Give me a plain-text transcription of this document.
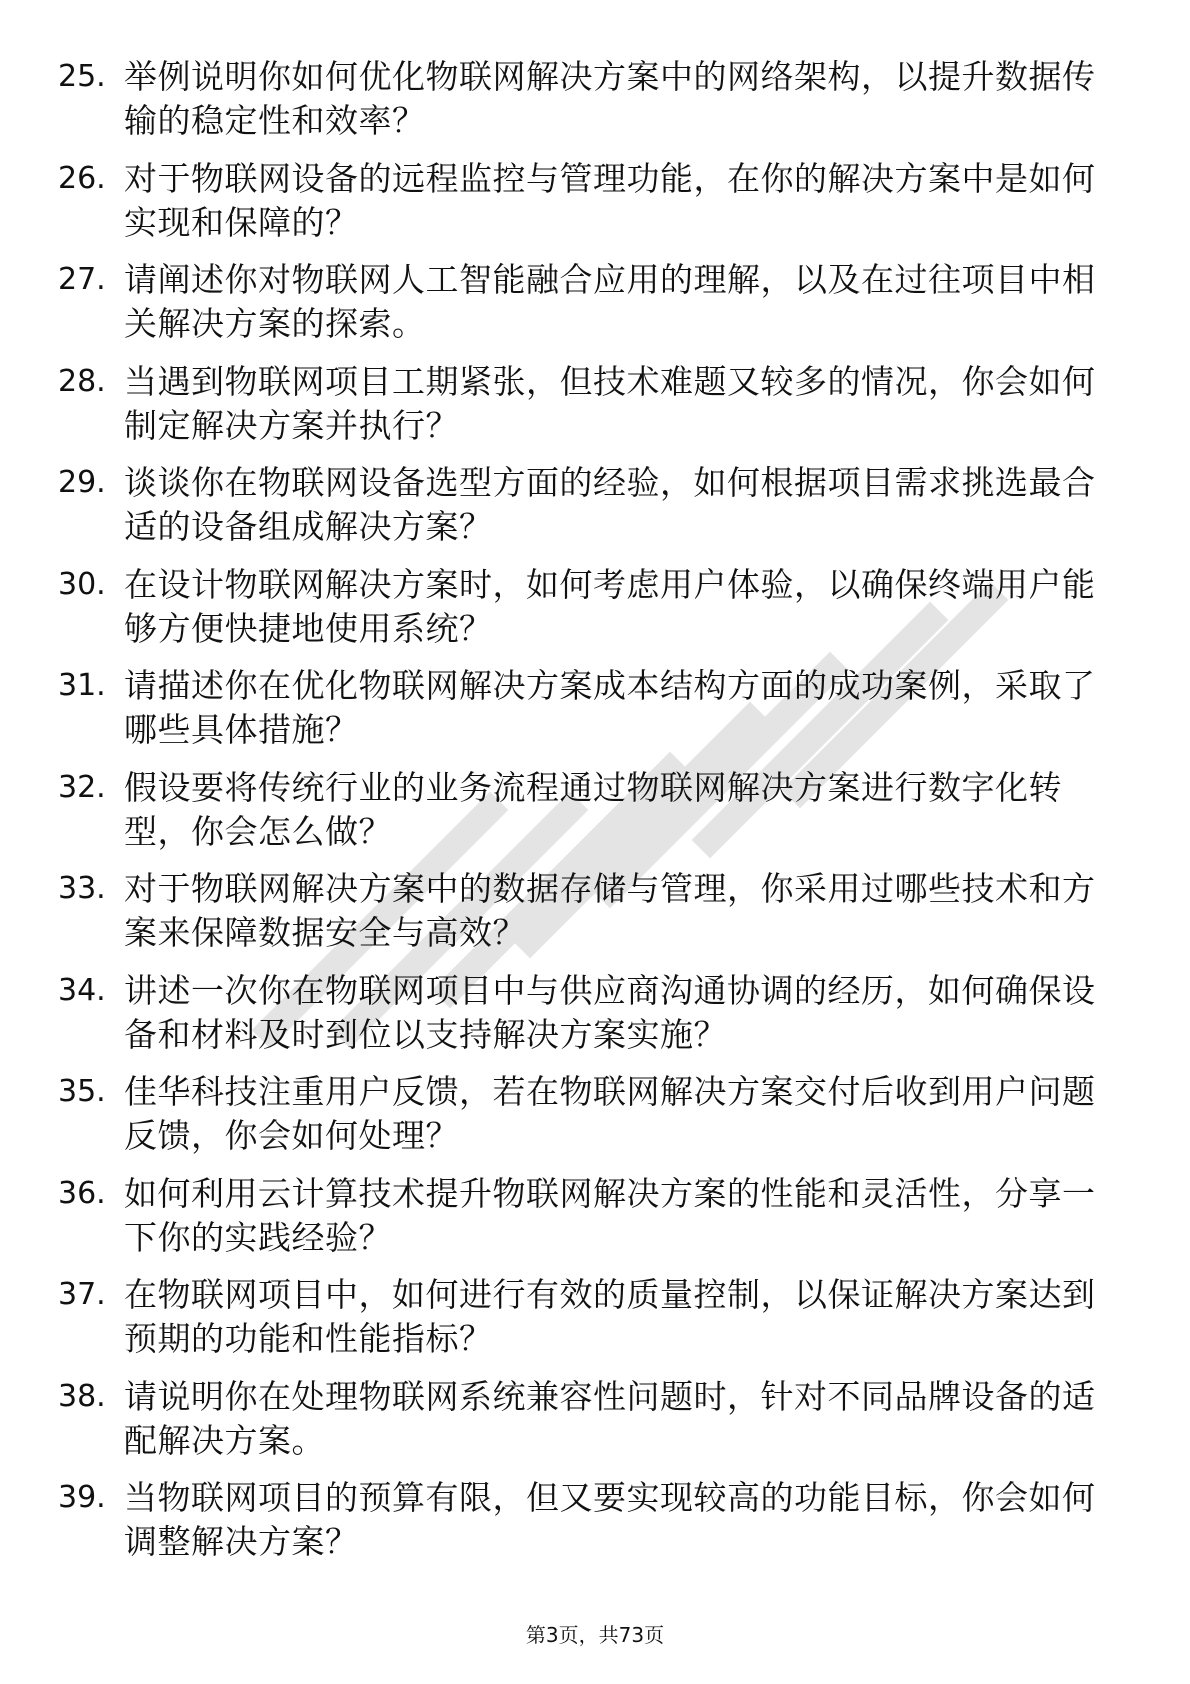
25. 举例说明你如何优化物联网解决方案中的网络架构，以提升数据传输的稳定性和效率？
26. 对于物联网设备的远程监控与管理功能，在你的解决方案中是如何实现和保障的？
27. 请阐述你对物联网人工智能融合应用的理解，以及在过往项目中相关解决方案的探索。
28. 当遇到物联网项目工期紧张，但技术难题又较多的情况，你会如何制定解决方案并执行？
29. 谈谈你在物联网设备选型方面的经验，如何根据项目需求挑选最合适的设备组成解决方案？
30. 在设计物联网解决方案时，如何考虑用户体验，以确保终端用户能够方便快捷地使用系统？
31. 请描述你在优化物联网解决方案成本结构方面的成功案例，采取了哪些具体措施？
32. 假设要将传统行业的业务流程通过物联网解决方案进行数字化转型，你会怎么做？
33. 对于物联网解决方案中的数据存储与管理，你采用过哪些技术和方案来保障数据安全与高效？
34. 讲述一次你在物联网项目中与供应商沟通协调的经历，如何确保设备和材料及时到位以支持解决方案实施？
35. 佳华科技注重用户反馈，若在物联网解决方案交付后收到用户问题反馈，你会如何处理？
36. 如何利用云计算技术提升物联网解决方案的性能和灵活性，分享一下你的实践经验？
37. 在物联网项目中，如何进行有效的质量控制，以保证解决方案达到预期的功能和性能指标？
38. 请说明你在处理物联网系统兼容性问题时，针对不同品牌设备的适配解决方案。
39. 当物联网项目的预算有限，但又要实现较高的功能目标，你会如何调整解决方案？
第3页，共73页
